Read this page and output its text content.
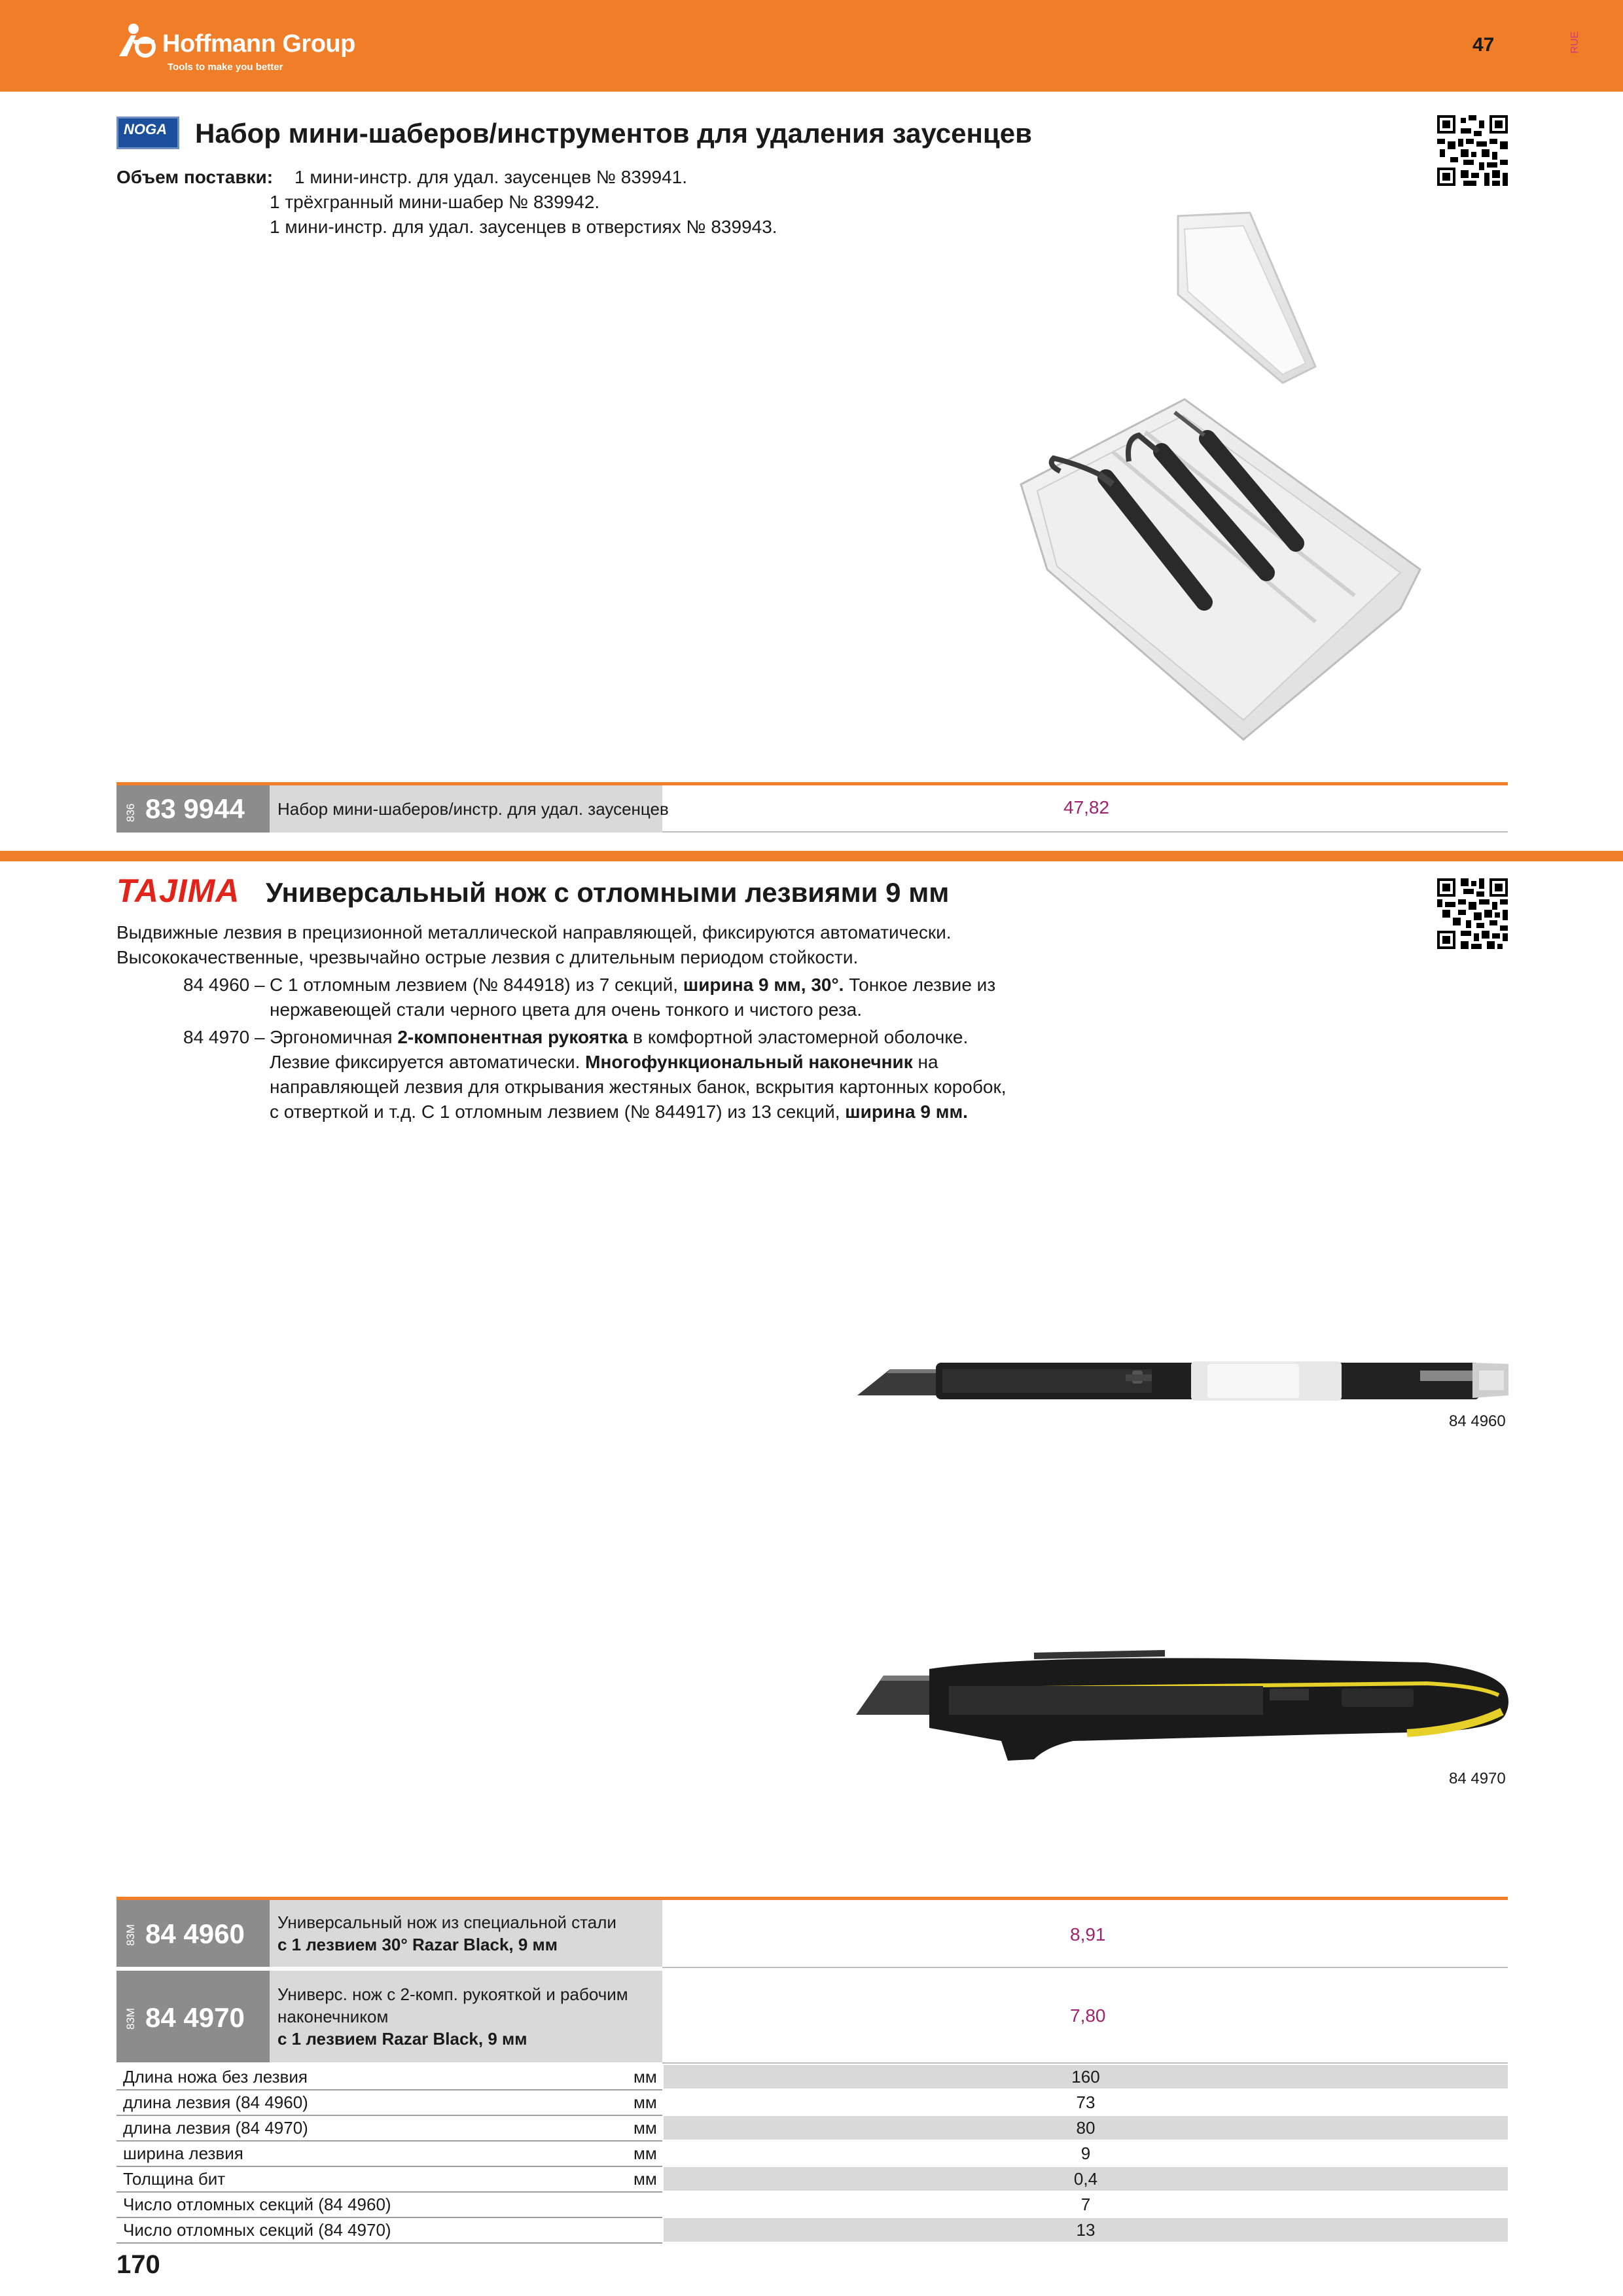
Hoffmann Group
Tools to make you better
47	RUE
NOGA Набор мини-шаберов/инструментов для удаления заусенцев
Объем поставки: 1 мини-инстр. для удал. заусенцев № 839941.
1 трёхгранный мини-шабер № 839942.
1 мини-инстр. для удал. заусенцев в отверстиях № 839943.
836 83 9944 Набор мини-шаберов/инстр. для удал. заусенцев	47,82
TAJIMA Универсальный нож с отломными лезвиями 9 мм
Выдвижные лезвия в прецизионной металлической направляющей, фиксируются автоматически.
Высококачественные, чрезвычайно острые лезвия с длительным периодом стойкости.
84 4960 – С 1 отломным лезвием (№ 844918) из 7 секций, ширина 9 мм, 30°. Тонкое лезвие из
нержавеющей стали черного цвета для очень тонкого и чистого реза.
84 4970 – Эргономичная 2-компонентная рукоятка в комфортной эластомерной оболочке.
Лезвие фиксируется автоматически. Многофункциональный наконечник на
направляющей лезвия для открывания жестяных банок, вскрытия картонных коробок,
с отверткой и т.д. С 1 отломным лезвием (№ 844917) из 13 секций, ширина 9 мм.
84 4960
84 4970
83M 84 4960 Универсальный нож из специальной стали
с 1 лезвием 30° Razar Black, 9 мм	8,91
83M 84 4970
Универс. нож с 2-комп. рукояткой и рабочим
наконечником
с 1 лезвием Razar Black, 9 мм
7,80
170
Длина ножа без лезвия	мм	160
длина лезвия (84 4960)	мм	73
длина лезвия (84 4970)	мм	80
ширина лезвия	мм	9
Толщина бит	мм	0,4
Число отломных секций (84 4960)	7
Число отломных секций (84 4970)	13
